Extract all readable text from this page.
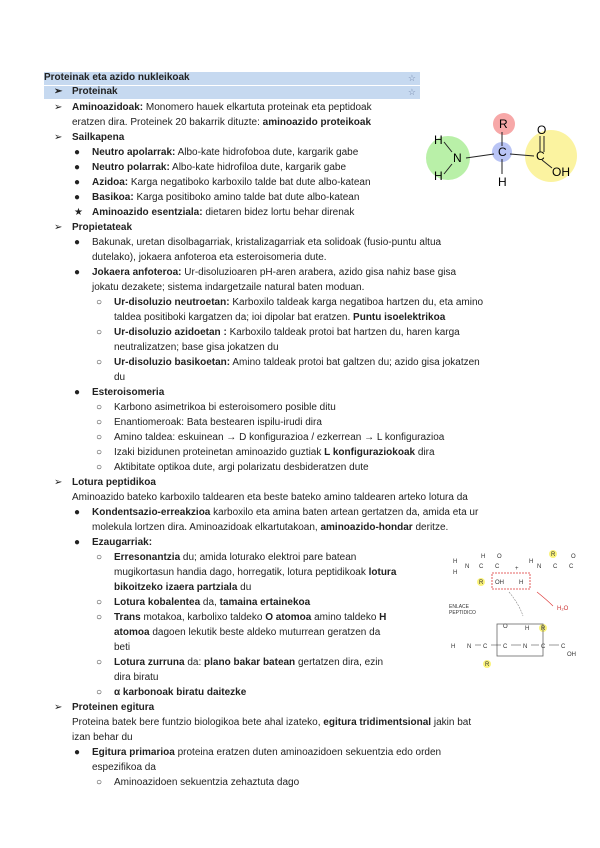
Proteinak eta azido nukleikoak	☆
➢ Proteinak	☆
➢ Aminoazidoak: Monomero hauek elkartuta proteinak eta peptidoak
eratzen dira. Proteinek 20 bakarrik dituzte: aminoazido proteikoak
➢ Sailkapena
● Neutro apolarrak: Albo-kate hidrofoboa dute, kargarik gabe
● Neutro polarrak: Albo-kate hidrofiloa dute, kargarik gabe
● Azidoa: Karga negatiboko karboxilo talde bat dute albo-katean
● Basikoa: Karga positiboko amino talde bat dute albo-katean
★ Aminoazido esentziala: dietaren bidez lortu behar direnak
H
N
H
R
C
H
O
C
OH
➢ Propietateak
● Bakunak, uretan disolbagarriak, kristalizagarriak eta solidoak (fusio-puntu altua
dutelako), jokaera anfoteroa eta esteroisomeria dute.
● Jokaera anfoteroa: Ur-disoluzioaren pH-aren arabera, azido gisa nahiz base gisa
jokatu dezakete; sistema indargetzaile natural baten moduan.
○ Ur-disoluzio neutroetan: Karboxilo taldeak karga negatiboa hartzen du, eta amino
taldea positiboki kargatzen da; ioi dipolar bat eratzen. Puntu isoelektrikoa
○ Ur-disoluzio azidoetan : Karboxilo taldeak protoi bat hartzen du, haren karga
neutralizatzen; base gisa jokatzen du
○ Ur-disoluzio basikoetan: Amino taldeak protoi bat galtzen du; azido gisa jokatzen
du
● Esteroisomeria
○ Karbono asimetrikoa bi esteroisomero posible ditu
○ Enantiomeroak: Bata bestearen ispilu-irudi dira
○ Amino taldea: eskuinean → D konfigurazioa / ezkerrean → L konfigurazioa
○ Izaki bizidunen proteinetan aminoazido guztiak L konfiguraziokoak dira
○ Aktibitate optikoa dute, argi polarizatu desbideratzen dute
➢ Lotura peptidikoa
Aminoazido bateko karboxilo taldearen eta beste bateko amino taldearen arteko lotura da
● Kondentsazio-erreakzioa karboxilo eta amina baten artean gertatzen da, amida eta ur
molekula lortzen dira. Aminoazidoak elkartutakoan, aminoazido-hondar deritze.
● Ezaugarriak:
○ Erresonantzia du; amida loturako elektroi pare batean
mugikortasun handia dago, horregatik, lotura peptidikoak lotura
bikoitzeko izaera partziala du
○ Lotura kobalentea da, tamaina ertainekoa
○ Trans motakoa, karbolixo taldeko O atomoa amino taldeko H
atomoa dagoen lekutik beste aldeko muturrean geratzen da
beti
○ Lotura zurruna da: plano bakar batean gertatzen dira, ezin
dira biratu
○ α karbonoak biratu daitezke
H
H
N C
H
R
C
O
+
H
N C C
O
R
ENLACE
PEPTIDICO
H₂O
N C	C	N C	C
O	H
H
OH
R
R
OH	H
➢ Proteinen egitura
Proteina batek bere funtzio biologikoa bete ahal izateko, egitura tridimentsional jakin bat
izan behar du
● Egitura primarioa proteina eratzen duten aminoazidoen sekuentzia edo orden
espezifikoa da
○ Aminoazidoen sekuentzia zehaztuta dago
